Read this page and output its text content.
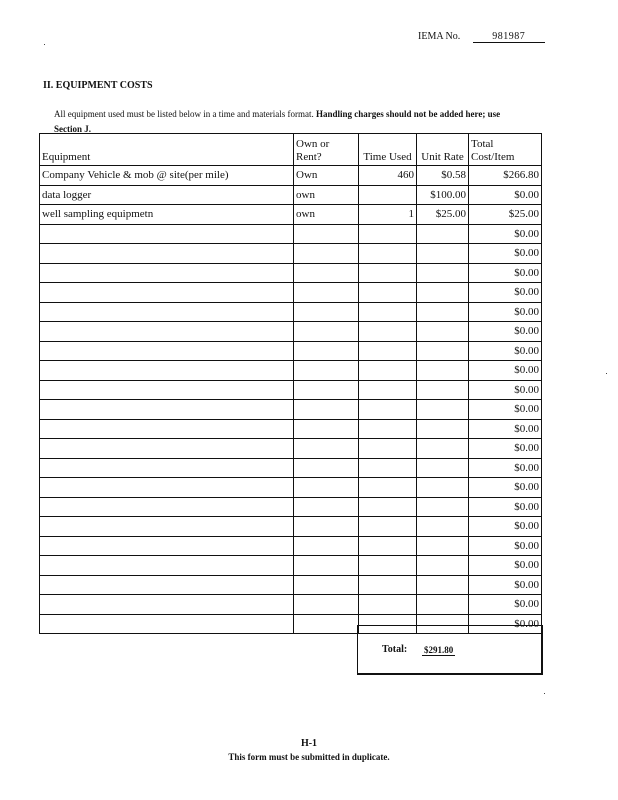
IEMA No.	981987
II. EQUIPMENT COSTS
All equipment used must be listed below in a time and materials format. Handling charges should not be added here; use Section J.
Equipment	Own or Rent?	Time Used	Unit Rate	Total Cost/Item
Company Vehicle & mob @ site(per mile)	Own	460	$0.58	$266.80
data logger	own		$100.00	$0.00
well sampling equipmetn	own	1	$25.00	$25.00
				$0.00
				$0.00
				$0.00
				$0.00
				$0.00
				$0.00
				$0.00
				$0.00
				$0.00
				$0.00
				$0.00
				$0.00
				$0.00
				$0.00
				$0.00
				$0.00
				$0.00
				$0.00
				$0.00
				$0.00
				$0.00
Total: $291.80
H-1
This form must be submitted in duplicate.
